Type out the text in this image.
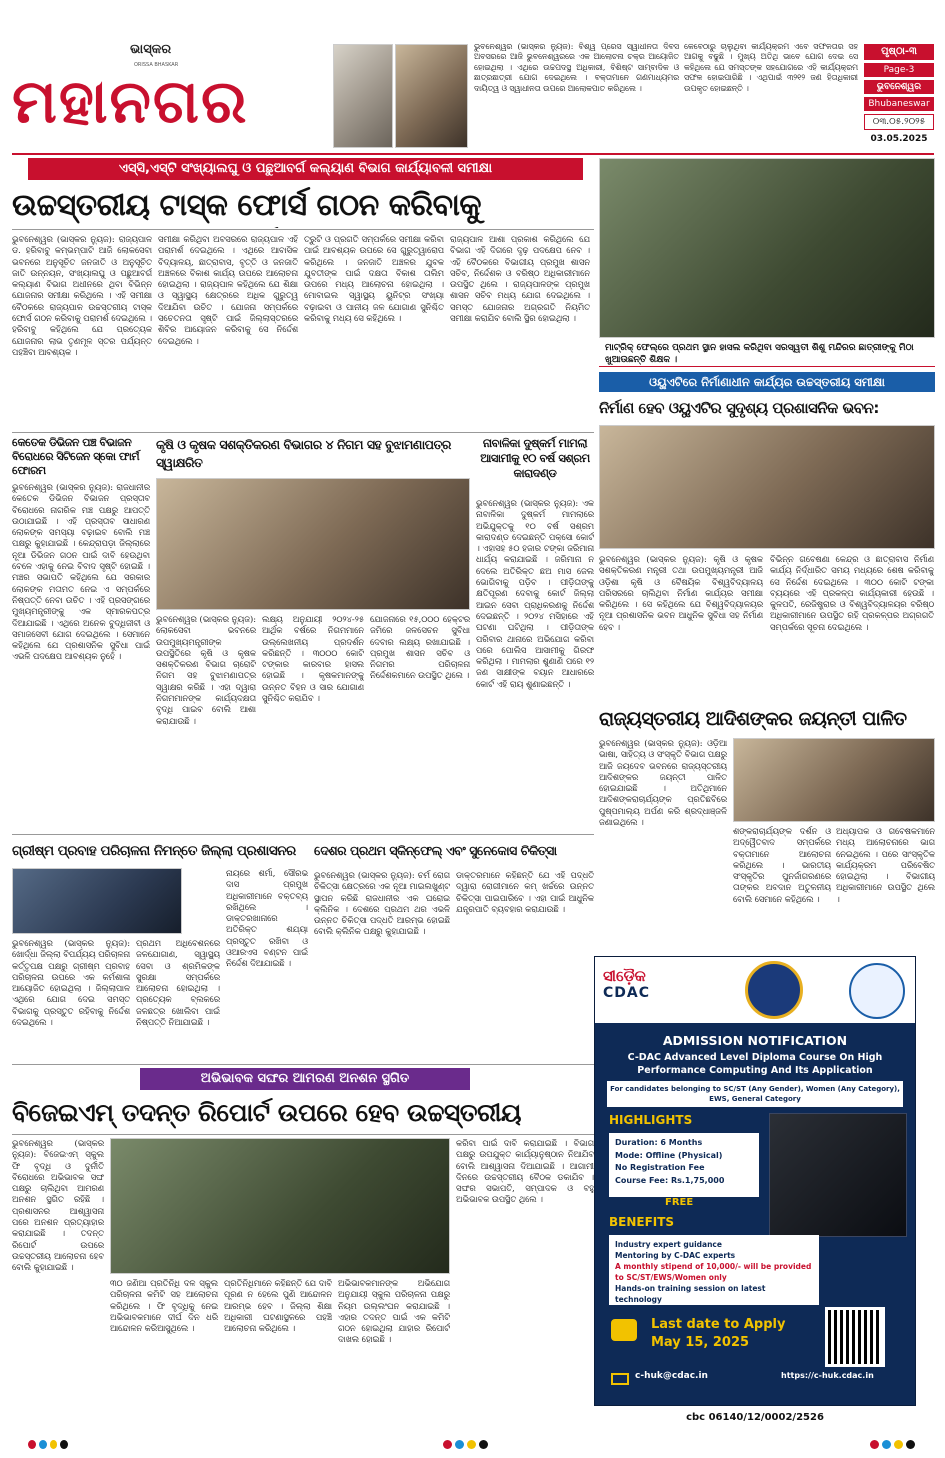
ଭାସ୍କର
ORISSA BHASKAR
ମହାନଗର
ଭୁବନେଶ୍ୱର (ଭାସ୍କର ନ୍ୟୁଜ): ବିଶ୍ୱ ପ୍ରେସ ସ୍ୱାଧୀନତା ଦିବସ ଅବସରରେ ଆଜି ଭୁବନେଶ୍ୱରରେ ଏକ ଆଲୋଚନା ଚକ୍ର ଆୟୋଜିତ ହୋଇଥିଲା । ଏଥିରେ ଉଚ୍ଚପଦସ୍ଥ ଅଧିକାରୀ, ବିଶିଷ୍ଟ ସାମ୍ବାଦିକ ଓ ଛାତ୍ରଛାତ୍ରୀ ଯୋଗ ଦେଇଥିଲେ । ବକ୍ତାମାନେ ଗଣମାଧ୍ୟମର ଦାୟିତ୍ୱ ଓ ସ୍ୱାଧୀନତା ଉପରେ ଆଲୋକପାତ କରିଥିଲେ ।
କେବେଠାରୁ ଚାଲୁଥିବା କାର୍ଯ୍ୟକ୍ରମ ଏବେ ସଫଳତାର ସହ ଆଗକୁ ବଢୁଛି । ମୁଖ୍ୟ ଅତିଥି ଭାବେ ଯୋଗ ଦେଇ ସେ କହିଥିଲେ ଯେ ସମସ୍ତଙ୍କ ସହଯୋଗରେ ଏହି କାର୍ଯ୍ୟକ୍ରମ ସଫଳ ହୋଇପାରିଛି । ଏଥିପାଇଁ ୩୨୧୨ ଜଣ ହିତାଧିକାରୀ ଉପକୃତ ହୋଇଛନ୍ତି ।
ପୃଷ୍ଠା-୩
Page-3
ଭୁବନେଶ୍ୱର
Bhubaneswar
୦୩.୦୫.୨୦୨୫
03.05.2025
ଏସ୍‌ସି,ଏସ୍‌ଟି ସଂଖ୍ୟାଲଘୁ ଓ ପଛୁଆବର୍ଗ କଲ୍ୟାଣ ବିଭାଗ କାର୍ଯ୍ୟାବଳୀ ସମୀକ୍ଷା
ଉଚ୍ଚସ୍ତରୀୟ ଟାସ୍କ ଫୋର୍ସ ଗଠନ କରିବାକୁ
ଭୁବନେଶ୍ୱର (ଭାସ୍କର ନ୍ୟୁଜ): ରାଜ୍ୟପାଳ ଡ. ହରିବାବୁ କମ୍ଭମ୍ପାଟି ଆଜି ଲୋକସେବା ଭବନରେ ଅନୁସୂଚିତ ଜନଜାତି ଓ ଅନୁସୂଚିତ ଜାତି ଉନ୍ନୟନ, ସଂଖ୍ୟାଲଘୁ ଓ ପଛୁଆବର୍ଗ କଲ୍ୟାଣ ବିଭାଗ ଅଧୀନରେ ଥିବା ବିଭିନ୍ନ ଯୋଜନାର ସମୀକ୍ଷା କରିଥିଲେ । ଏହି ସମୀକ୍ଷା ବୈଠକରେ ରାଜ୍ୟପାଳ ଉଚ୍ଚସ୍ତରୀୟ ଟାସ୍କ ଫୋର୍ସ ଗଠନ କରିବାକୁ ପରାମର୍ଶ ଦେଇଥିଲେ । ହରିବାବୁ କହିଥିଲେ ଯେ ପ୍ରତ୍ୟେକ ଯୋଜନାର ଲାଭ ତୃଣମୂଳ ସ୍ତର ପର୍ଯ୍ୟନ୍ତ ପହଞ୍ଚିବା ଆବଶ୍ୟକ ।
ସମୀକ୍ଷା କରିଥିବା ଅବସରରେ ରାଜ୍ୟପାଳ ଏହି ପରାମର୍ଶ ଦେଇଥିଲେ । ଏଥିରେ ଆବାସିକ ବିଦ୍ୟାଳୟ, ଛାତ୍ରାବାସ, ବୃତ୍ତି ଓ ଜନଜାତି ଅଞ୍ଚଳରେ ବିକାଶ କାର୍ଯ୍ୟ ଉପରେ ଆଲୋଚନା ହୋଇଥିଲା । ରାଜ୍ୟପାଳ କହିଥିଲେ ଯେ ଶିକ୍ଷା ଓ ସ୍ୱାସ୍ଥ୍ୟ କ୍ଷେତ୍ରରେ ଅଧିକ ଗୁରୁତ୍ୱ ଦିଆଯିବା ଉଚିତ । ଯୋଜନା ସମ୍ପର୍କରେ ସଚେତନତା ସୃଷ୍ଟି ପାଇଁ ଜିଲ୍ଲାସ୍ତରରେ ଶିବିର ଆୟୋଜନ କରିବାକୁ ସେ ନିର୍ଦ୍ଦେଶ ଦେଇଥିଲେ ।
ତ୍ରୁଟି ଓ ପ୍ରଗତି ସମ୍ପର୍କରେ ସମୀକ୍ଷା କରିବା ପାଇଁ ଆବଶ୍ୟକ ଉପରେ ସେ ଗୁରୁତ୍ୱାରୋପ କରିଥିଲେ । ଜନଜାତି ଅଞ୍ଚଳର ଯୁବକ ଯୁବତୀଙ୍କ ପାଇଁ ଦକ୍ଷତା ବିକାଶ ତାଲିମ ଉପରେ ମଧ୍ୟ ଆଲୋଚନା ହୋଇଥିଲା । ମୋବାଇଲ ସ୍ୱାସ୍ଥ୍ୟ ୟୁନିଟ୍‌ର ସଂଖ୍ୟା ବଢ଼ାଇବା ଓ ପାନୀୟ ଜଳ ଯୋଗାଣ ସୁନିଶ୍ଚିତ କରିବାକୁ ମଧ୍ୟ ସେ କହିଥିଲେ ।
ରାଜ୍ୟପାଳ ଆଶା ପ୍ରକାଶ କରିଥିଲେ ଯେ ବିଭାଗ ଏହି ଦିଗରେ ଦୃଢ଼ ପଦକ୍ଷେପ ନେବ । ଏହି ବୈଠକରେ ବିଭାଗୀୟ ପ୍ରମୁଖ ଶାସନ ସଚିବ, ନିର୍ଦ୍ଦେଶକ ଓ ବରିଷ୍ଠ ଅଧିକାରୀମାନେ ଉପସ୍ଥିତ ଥିଲେ । ରାଜ୍ୟପାଳଙ୍କ ପ୍ରମୁଖ ଶାସନ ସଚିବ ମଧ୍ୟ ଯୋଗ ଦେଇଥିଲେ । ସମସ୍ତ ଯୋଜନାର ଅଗ୍ରଗତି ନିୟମିତ ସମୀକ୍ଷା କରାଯିବ ବୋଲି ସ୍ଥିର ହୋଇଥିଲା ।
ମାଟ୍ରିକ୍ ଫେଲ୍‌ରେ ପ୍ରଥମ ସ୍ଥାନ ହାସଲ କରିଥିବା ସରସ୍ୱତୀ ଶିଶୁ ମନ୍ଦିରର ଛାତ୍ରୀଙ୍କୁ ମିଠା ଖୁଆଉଛନ୍ତି ଶିକ୍ଷକ ।
ଓୟୁଏଟିରେ ନିର୍ମାଣାଧୀନ କାର୍ଯ୍ୟର ଉଚ୍ଚସ୍ତରୀୟ ସମୀକ୍ଷା
ନିର୍ମାଣ ହେବ ଓୟୁଏଟିର ସୁଦୃଶ୍ୟ ପ୍ରଶାସନିକ ଭବନ:
ଭୁବନେଶ୍ୱର (ଭାସ୍କର ନ୍ୟୁଜ): କୃଷି ଓ କୃଷକ ସଶକ୍ତିକରଣ ମନ୍ତ୍ରୀ ତଥା ଉପମୁଖ୍ୟମନ୍ତ୍ରୀ ଆଜି ଓଡ଼ିଶା କୃଷି ଓ ବୈଷୟିକ ବିଶ୍ୱବିଦ୍ୟାଳୟ ପରିସରରେ ଚାଲିଥିବା ନିର୍ମାଣ କାର୍ଯ୍ୟର ସମୀକ୍ଷା କରିଥିଲେ । ସେ କହିଥିଲେ ଯେ ବିଶ୍ୱବିଦ୍ୟାଳୟର ନୂଆ ପ୍ରଶାସନିକ ଭବନ ଆଧୁନିକ ସୁବିଧା ସହ ନିର୍ମାଣ ହେବ ।
ବିଭିନ୍ନ ଗବେଷଣା କେନ୍ଦ୍ର ଓ ଛାତ୍ରାବାସ ନିର୍ମାଣ କାର୍ଯ୍ୟ ନିର୍ଦ୍ଧାରିତ ସମୟ ମଧ୍ୟରେ ଶେଷ କରିବାକୁ ସେ ନିର୍ଦ୍ଦେଶ ଦେଇଥିଲେ । ୩୦୦ କୋଟି ଟଙ୍କା ବ୍ୟୟରେ ଏହି ପ୍ରକଳ୍ପ କାର୍ଯ୍ୟକାରୀ ହେଉଛି । କୁଳପତି, ରେଜିଷ୍ଟ୍ରାର ଓ ବିଶ୍ୱବିଦ୍ୟାଳୟର ବରିଷ୍ଠ ଅଧିକାରୀମାନେ ଉପସ୍ଥିତ ରହି ପ୍ରକଳ୍ପର ଅଗ୍ରଗତି ସମ୍ପର୍କରେ ସୂଚନା ଦେଇଥିଲେ ।
ରାଜ୍ୟସ୍ତରୀୟ ଆଦିଶଙ୍କର ଜୟନ୍ତୀ ପାଳିତ
ଭୁବନେଶ୍ୱର (ଭାସ୍କର ନ୍ୟୁଜ): ଓଡ଼ିଆ ଭାଷା, ସାହିତ୍ୟ ଓ ସଂସ୍କୃତି ବିଭାଗ ପକ୍ଷରୁ ଆଜି ଜୟଦେବ ଭବନରେ ରାଜ୍ୟସ୍ତରୀୟ ଆଦିଶଙ୍କର ଜୟନ୍ତୀ ପାଳିତ ହୋଇଯାଇଛି । ଅତିଥିମାନେ ଆଦିଶଙ୍କରାଚାର୍ଯ୍ୟଙ୍କ ପ୍ରତିଛବିରେ ପୁଷ୍ପମାଲ୍ୟ ଅର୍ପଣ କରି ଶ୍ରଦ୍ଧାଞ୍ଜଳି ଜଣାଇଥିଲେ ।
ଶଙ୍କରାଚାର୍ଯ୍ୟଙ୍କ ଦର୍ଶନ ଓ ଅଦ୍ୱୈତବାଦ ସମ୍ପର୍କରେ ବକ୍ତାମାନେ ଆଲୋଚନା କରିଥିଲେ । ଭାରତୀୟ ସଂସ୍କୃତିର ପୁନର୍ଜାଗରଣରେ ତାଙ୍କର ଅବଦାନ ଅତୁଳନୀୟ ବୋଲି ସେମାନେ କହିଥିଲେ ।
ଅଧ୍ୟାପକ ଓ ଗବେଷକମାନେ ମଧ୍ୟ ଆଲୋଚନାରେ ଭାଗ ନେଇଥିଲେ । ପରେ ସାଂସ୍କୃତିକ କାର୍ଯ୍ୟକ୍ରମ ପରିବେଷିତ ହୋଇଥିଲା । ବିଭାଗୀୟ ଅଧିକାରୀମାନେ ଉପସ୍ଥିତ ଥିଲେ ।
କେତେକ ଡିଭିଜନ ପଞ୍ଚ ବିଭାଜନ ବିରୋଧରେ ସିଟିଜେନ ସ୍କୋ ଫାର୍ମ ଫୋରମ
ଭୁବନେଶ୍ୱର (ଭାସ୍କର ନ୍ୟୁଜ): ରାଜଧାନୀର କେତେକ ଡିଭିଜନ ବିଭାଜନ ପ୍ରସ୍ତାବ ବିରୋଧରେ ନାଗରିକ ମଞ୍ଚ ପକ୍ଷରୁ ଆପତ୍ତି ଉଠାଯାଇଛି । ଏହି ପ୍ରସ୍ତାବ ସାଧାରଣ ଲୋକଙ୍କ ସମସ୍ୟା ବଢ଼ାଇବ ବୋଲି ମଞ୍ଚ ପକ୍ଷରୁ କୁହାଯାଇଛି । କେନ୍ଦ୍ରାପଡ଼ା ଜିଲ୍ଲାରେ ନୂଆ ଡିଭିଜନ ଗଠନ ପାଇଁ ଦାବି ହେଉଥିବା ବେଳେ ଏହାକୁ ନେଇ ବିବାଦ ସୃଷ୍ଟି ହୋଇଛି । ମଞ୍ଚର ସଭାପତି କହିଥିଲେ ଯେ ସରକାର ଲୋକଙ୍କ ମତାମତ ନେଇ ଏ ସମ୍ପର୍କରେ ନିଷ୍ପତ୍ତି ନେବା ଉଚିତ । ଏହି ପ୍ରସଙ୍ଗରେ ମୁଖ୍ୟମନ୍ତ୍ରୀଙ୍କୁ ଏକ ସ୍ମାରକପତ୍ର ଦିଆଯାଇଛି । ଏଥିରେ ଅନେକ ବୁଦ୍ଧିଜୀବୀ ଓ ସମାଜସେବୀ ଯୋଗ ଦେଇଥିଲେ । ସେମାନେ କହିଥିଲେ ଯେ ପ୍ରଶାସନିକ ସୁବିଧା ପାଇଁ ଏଭଳି ପଦକ୍ଷେପ ଆବଶ୍ୟକ ନୁହେଁ ।
କୃଷି ଓ କୃଷକ ସଶକ୍ତିକରଣ ବିଭାଗର ୪ ନିଗମ ସହ ବୁଝାମଣାପତ୍ର ସ୍ୱାକ୍ଷରିତ
ଭୁବନେଶ୍ୱର (ଭାସ୍କର ନ୍ୟୁଜ): ଲୋକସେବା ଭବନରେ ଉପମୁଖ୍ୟମନ୍ତ୍ରୀଙ୍କ ଉପସ୍ଥିତିରେ କୃଷି ଓ କୃଷକ ସଶକ୍ତିକରଣ ବିଭାଗ ଚାରୋଟି ନିଗମ ସହ ବୁଝାମଣାପତ୍ର ସ୍ୱାକ୍ଷର କରିଛି । ଏହା ଦ୍ୱାରା ନିଗମମାନଙ୍କ କାର୍ଯ୍ୟଦକ୍ଷତା ବୃଦ୍ଧି ପାଇବ ବୋଲି ଆଶା କରାଯାଉଛି ।
ଲକ୍ଷ୍ୟ ଅନୁଯାୟୀ ୨୦୨୪-୨୫ ଆର୍ଥିକ ବର୍ଷରେ ନିଗମମାନେ ଉଲ୍ଲେଖନୀୟ ପ୍ରଦର୍ଶନ କରିଛନ୍ତି । ୩୦୦୦ କୋଟି ଟଙ୍କାର କାରବାର ହାସଲ ହୋଇଛି । କୃଷକମାନଙ୍କୁ ଉନ୍ନତ ବିହନ ଓ ସାର ଯୋଗାଣ ସୁନିଶ୍ଚିତ କରାଯିବ ।
ଯୋଜନାରେ ୧୫,୦୦୦ ହେକ୍ଟର ଜମିରେ ଜଳସେଚନ ସୁବିଧା ଦେବାର ଲକ୍ଷ୍ୟ ରଖାଯାଇଛି । ପ୍ରମୁଖ ଶାସନ ସଚିବ ଓ ନିଗମର ପରିଚାଳନା ନିର୍ଦ୍ଦେଶକମାନେ ଉପସ୍ଥିତ ଥିଲେ ।
ନାବାଳିକା ଦୁଷ୍କର୍ମ ମାମଲା ଆସାମୀକୁ ୧୦ ବର୍ଷ ସଶ୍ରମ କାରାଦଣ୍ଡ
ଭୁବନେଶ୍ୱର (ଭାସ୍କର ନ୍ୟୁଜ): ଏକ ନାବାଳିକା ଦୁଷ୍କର୍ମ ମାମଲାରେ ଅଭିଯୁକ୍ତକୁ ୧୦ ବର୍ଷ ସଶ୍ରମ କାରାଦଣ୍ଡ ଦେଇଛନ୍ତି ପକ୍ସୋ କୋର୍ଟ । ଏହାସହ ୫୦ ହଜାର ଟଙ୍କା ଜରିମାନା ଧାର୍ଯ୍ୟ କରାଯାଇଛି । ଜରିମାନା ନ ଦେଲେ ଅତିରିକ୍ତ ଛଅ ମାସ ଜେଲ ଭୋଗିବାକୁ ପଡ଼ିବ । ପୀଡ଼ିତାଙ୍କୁ କ୍ଷତିପୂରଣ ଦେବାକୁ କୋର୍ଟ ଜିଲ୍ଲା ଆଇନ ସେବା ପ୍ରାଧିକରଣକୁ ନିର୍ଦ୍ଦେଶ ଦେଇଛନ୍ତି । ୨୦୨୪ ମସିହାରେ ଏହି ଘଟଣା ଘଟିଥିଲା । ପୀଡ଼ିତାଙ୍କ ପରିବାର ଥାନାରେ ଅଭିଯୋଗ କରିବା ପରେ ପୋଲିସ ଆସାମୀକୁ ଗିରଫ କରିଥିଲା । ମାମଲାର ଶୁଣାଣି ପରେ ୧୨ ଜଣ ସାକ୍ଷୀଙ୍କ ବୟାନ ଆଧାରରେ କୋର୍ଟ ଏହି ରାୟ ଶୁଣାଇଛନ୍ତି ।
ଗ୍ରୀଷ୍ମ ପ୍ରବାହ ପରିଚାଳନା ନିମନ୍ତେ ଜିଲ୍ଲା ପ୍ରଶାସନର
ଭୁବନେଶ୍ୱର (ଭାସ୍କର ନ୍ୟୁଜ): ଖୋର୍ଦ୍ଧା ଜିଲ୍ଲା ବିପର୍ଯ୍ୟୟ ପରିଚାଳନା କର୍ତ୍ତୃପକ୍ଷ ପକ୍ଷରୁ ଗ୍ରୀଷ୍ମ ପ୍ରବାହ ପରିଚାଳନା ଉପରେ ଏକ କର୍ମଶାଳା ଆୟୋଜିତ ହୋଇଥିଲା । ଜିଲ୍ଲାପାଳ ଏଥିରେ ଯୋଗ ଦେଇ ସମସ୍ତ ବିଭାଗକୁ ପ୍ରସ୍ତୁତ ରହିବାକୁ ନିର୍ଦ୍ଦେଶ ଦେଇଥିଲେ ।
ପ୍ରଥମ ଅଧିବେଶନରେ ଜଳଯୋଗାଣ, ସ୍ୱାସ୍ଥ୍ୟ ସେବା ଓ ଶ୍ରମିକଙ୍କ ସୁରକ୍ଷା ସମ୍ପର୍କରେ ଆଲୋଚନା ହୋଇଥିଲା । ପ୍ରତ୍ୟେକ ବ୍ଲକରେ ଜଳଛତ୍ର ଖୋଲିବା ପାଇଁ ନିଷ୍ପତ୍ତି ନିଆଯାଇଛି ।
ନାୟରେ ଶର୍ମା, ସୌରଭ ଦାସ ପ୍ରମୁଖ ଅଧିକାରୀମାନେ ବକ୍ତବ୍ୟ ରଖିଥିଲେ । ଡାକ୍ତରଖାନାରେ ଅତିରିକ୍ତ ଶଯ୍ୟା ପ୍ରସ୍ତୁତ ରଖିବା ଓ ଓଆରଏସ ବଣ୍ଟନ ପାଇଁ ନିର୍ଦ୍ଦେଶ ଦିଆଯାଇଛି ।
ଦେଶର ପ୍ରଥମ ସ୍କିନ୍‌ଫେଲ୍ ଏବଂ ସୁନେକୋସ ଚିକିତ୍ସା
ଭୁବନେଶ୍ୱର (ଭାସ୍କର ନ୍ୟୁଜ): ଚର୍ମ ରୋଗ ଚିକିତ୍ସା କ୍ଷେତ୍ରରେ ଏକ ନୂଆ ମାଇଲଖୁଣ୍ଟ ସ୍ଥାପନ କରିଛି ରାଜଧାନୀର ଏକ ଘରୋଇ କ୍ଲିନିକ । ଦେଶରେ ପ୍ରଥମ ଥର ଏଭଳି ଉନ୍ନତ ଚିକିତ୍ସା ପଦ୍ଧତି ଆରମ୍ଭ ହୋଇଛି ବୋଲି କ୍ଲିନିକ ପକ୍ଷରୁ କୁହାଯାଇଛି ।
ଡାକ୍ତରମାନେ କହିଛନ୍ତି ଯେ ଏହି ପଦ୍ଧତି ଦ୍ୱାରା ରୋଗୀମାନେ କମ୍ ଖର୍ଚ୍ଚରେ ଉନ୍ନତ ଚିକିତ୍ସା ପାଇପାରିବେ । ଏହା ପାଇଁ ଆଧୁନିକ ଯନ୍ତ୍ରପାତି ବ୍ୟବହାର କରାଯାଉଛି ।
ଅଭିଭାବକ ସଙ୍ଘର ଆମରଣ ଅନଶନ ସ୍ଥଗିତ
ବିଜେଇଏମ୍ ତଦନ୍ତ ରିପୋର୍ଟ ଉପରେ ହେବ ଉଚ୍ଚସ୍ତରୀୟ
ଭୁବନେଶ୍ୱର (ଭାସ୍କର ନ୍ୟୁଜ): ବିଜେଇଏମ୍ ସ୍କୁଲ ଫି ବୃଦ୍ଧି ଓ ଦୁର୍ନୀତି ବିରୋଧରେ ଅଭିଭାବକ ସଙ୍ଘ ପକ୍ଷରୁ ଚାଲିଥିବା ଆମରଣ ଅନଶନ ସ୍ଥଗିତ ରହିଛି । ପ୍ରଶାସନର ଆଶ୍ୱାସନା ପରେ ଅନଶନ ପ୍ରତ୍ୟାହାର କରାଯାଇଛି । ତଦନ୍ତ ରିପୋର୍ଟ ଉପରେ ଉଚ୍ଚସ୍ତରୀୟ ଆଲୋଚନା ହେବ ବୋଲି କୁହାଯାଇଛି ।
୩୦ ଜଣିଆ ପ୍ରତିନିଧି ଦଳ ସ୍କୁଲ ପରିଚାଳନା କମିଟି ସହ ଆଲୋଚନା କରିଥିଲେ । ଫି ବୃଦ୍ଧିକୁ ନେଇ ଅଭିଭାବକମାନେ ଦୀର୍ଘ ଦିନ ଧରି ଆନ୍ଦୋଳନ କରିଆସୁଥିଲେ ।
ପ୍ରତିନିଧିମାନେ କହିଛନ୍ତି ଯେ ଦାବି ପୂରଣ ନ ହେଲେ ପୁଣି ଆନ୍ଦୋଳନ ଆରମ୍ଭ ହେବ । ଜିଲ୍ଲା ଶିକ୍ଷା ଅଧିକାରୀ ଘଟଣାସ୍ଥଳରେ ପହଞ୍ଚି ଆଲୋଚନା କରିଥିଲେ ।
ଅଭିଭାବକମାନଙ୍କ ଅଭିଯୋଗ ଅନୁଯାୟୀ ସ୍କୁଲ ପରିଚାଳନା ପକ୍ଷରୁ ନିୟମ ଉଲ୍ଲଂଘନ କରାଯାଇଛି । ଏହାର ତଦନ୍ତ ପାଇଁ ଏକ କମିଟି ଗଠନ ହୋଇଥିଲା ଯାହାର ରିପୋର୍ଟ ଦାଖଲ ହୋଇଛି ।
କରିବା ପାଇଁ ଦାବି କରାଯାଇଛି । ବିଭାଗ ପକ୍ଷରୁ ଉପଯୁକ୍ତ କାର୍ଯ୍ୟାନୁଷ୍ଠାନ ନିଆଯିବ ବୋଲି ଆଶ୍ୱାସନା ଦିଆଯାଇଛି । ଆଗାମୀ ଦିନରେ ଉଚ୍ଚସ୍ତରୀୟ ବୈଠକ ଡକାଯିବ । ସଙ୍ଘର ସଭାପତି, ସମ୍ପାଦକ ଓ ବହୁ ଅଭିଭାବକ ଉପସ୍ଥିତ ଥିଲେ ।
ସୀଡ଼ୈକ
CDAC
ADMISSION NOTIFICATION
C-DAC Advanced Level Diploma Course On High Performance Computing And Its Application
For candidates belonging to SC/ST (Any Gender), Women (Any Category), EWS, General Category
HIGHLIGHTS
Duration: 6 Months
Mode: Offline (Physical)
No Registration Fee
Course Fee: Rs.1,75,000
FREE
BENEFITS
Industry expert guidance
Mentoring by C-DAC experts
A monthly stipend of 10,000/- will be provided to SC/ST/EWS/Women only
Hands-on training session on latest technology
Last date to Apply
May 15, 2025
c-huk@cdac.in	https://c-huk.cdac.in
cbc 06140/12/0002/2526
